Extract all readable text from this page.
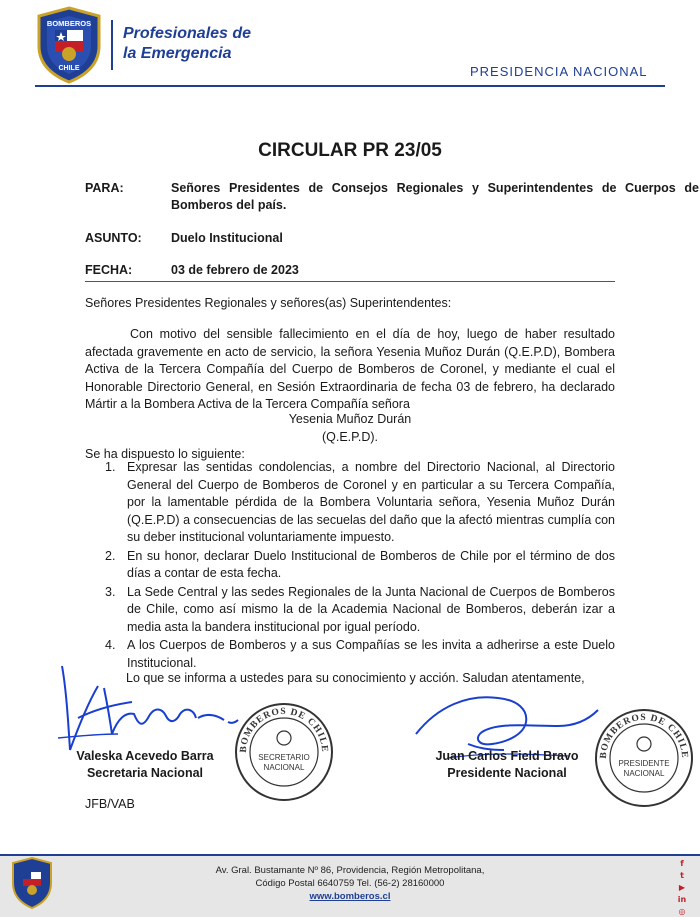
BOMBEROS
CHILE
Profesionales de
la Emergencia
PRESIDENCIA NACIONAL
CIRCULAR PR 23/05
PARA:	Señores Presidentes de Consejos Regionales y Superintendentes de Cuerpos de Bomberos del país.
ASUNTO:	Duelo Institucional
FECHA:	03 de febrero de 2023
Señores Presidentes Regionales y señores(as) Superintendentes:
Con motivo del sensible fallecimiento en el día de hoy, luego de haber resultado afectada gravemente en acto de servicio, la señora Yesenia Muñoz Durán (Q.E.P.D), Bombera Activa de la Tercera Compañía del Cuerpo de Bomberos de Coronel, y mediante el cual el Honorable Directorio General, en Sesión Extraordinaria de fecha 03 de febrero, ha declarado Mártir a la Bombera Activa de la Tercera Compañía señora
Yesenia Muñoz Durán
(Q.E.P.D).
Se ha dispuesto lo siguiente:
1. Expresar las sentidas condolencias, a nombre del Directorio Nacional, al Directorio General del Cuerpo de Bomberos de Coronel y en particular a su Tercera Compañía, por la lamentable pérdida de la Bombera Voluntaria señora, Yesenia Muñoz Durán (Q.E.P.D) a consecuencias de las secuelas del daño que la afectó mientras cumplía con su deber institucional voluntariamente impuesto.
2. En su honor, declarar Duelo Institucional de Bomberos de Chile por el término de dos días a contar de esta fecha.
3. La Sede Central y las sedes Regionales de la Junta Nacional de Cuerpos de Bomberos de Chile, como así mismo la de la Academia Nacional de Bomberos, deberán izar a media asta la bandera institucional por igual período.
4. A los Cuerpos de Bomberos y a sus Compañías se les invita a adherirse a este Duelo Institucional.
Lo que se informa a ustedes para su conocimiento y acción. Saludan atentamente,
BOMBEROS DE CHILE
SECRETARIO
NACIONAL
BOMBEROS DE CHILE
PRESIDENTE
NACIONAL
Valeska Acevedo Barra
Secretaria Nacional
Juan Carlos Field Bravo
Presidente Nacional
JFB/VAB
Av. Gral. Bustamante Nº 86, Providencia, Región Metropolitana,
Código Postal 6640759 Tel. (56-2) 28160000
www.bomberos.cl
f
t
▶
in
◎
